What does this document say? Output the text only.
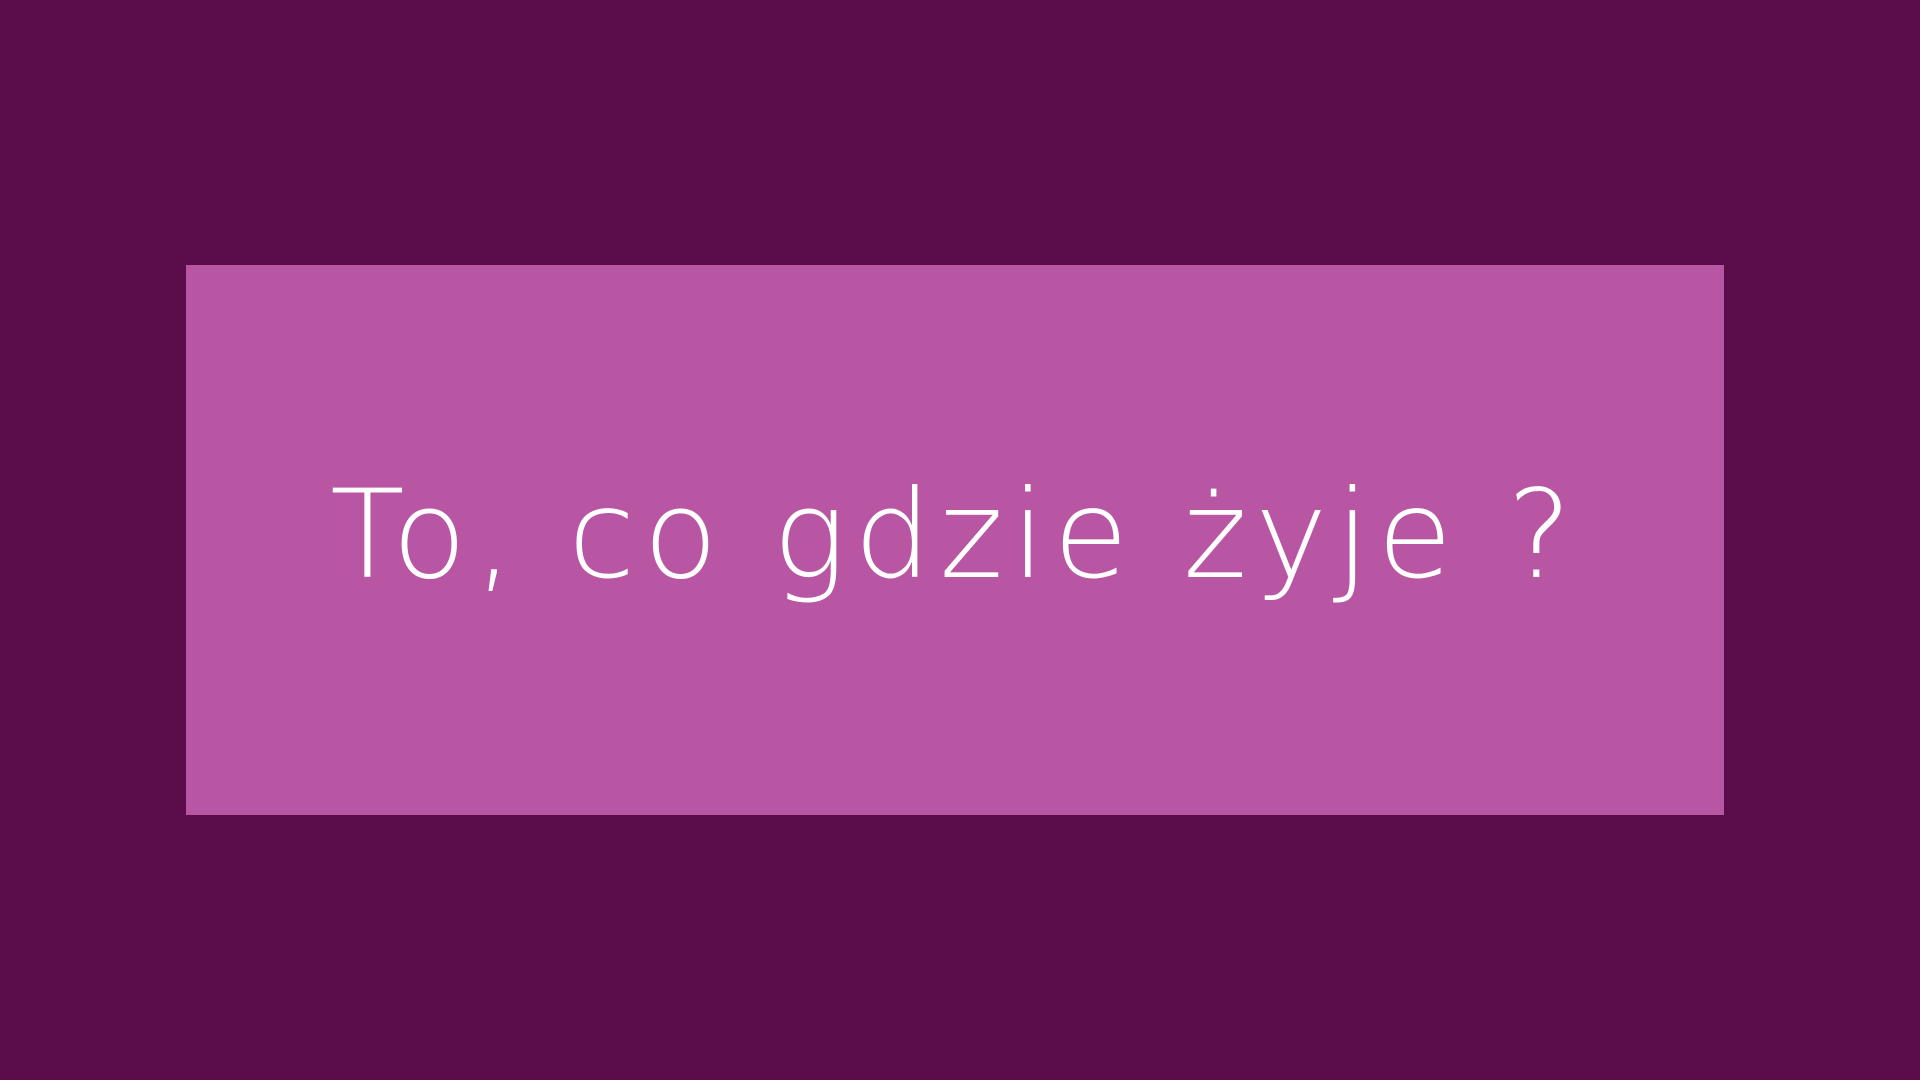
To, co gdzie żyje ?
